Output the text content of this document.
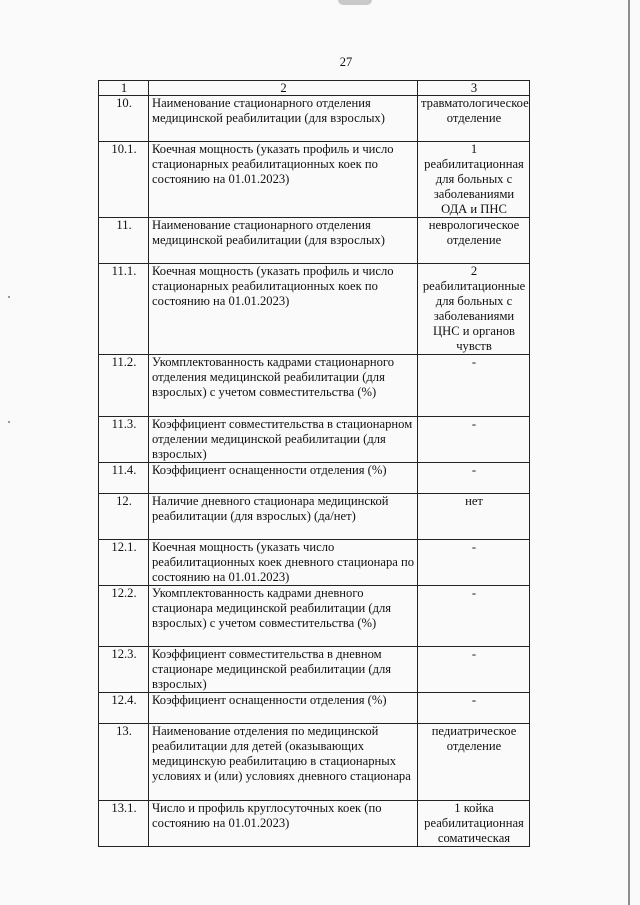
27
1	2	3
10.	Наименование стационарного отделения медицинской реабилитации (для взрослых)	травматологическое отделение
10.1.	Коечная мощность (указать профиль и число стационарных реабилитационных коек по состоянию на 01.01.2023)	1 реабилитационная для больных с заболеваниями ОДА и ПНС
11.	Наименование стационарного отделения медицинской реабилитации (для взрослых)	неврологическое отделение
11.1.	Коечная мощность (указать профиль и число стационарных реабилитационных коек по состоянию на 01.01.2023)	2 реабилитационные для больных с заболеваниями ЦНС и органов чувств
11.2.	Укомплектованность кадрами стационарного отделения медицинской реабилитации (для взрослых) с учетом совместительства (%)	-
11.3.	Коэффициент совместительства в стационарном отделении медицинской реабилитации (для взрослых)	-
11.4.	Коэффициент оснащенности отделения (%)	-
12.	Наличие дневного стационара медицинской реабилитации (для взрослых) (да/нет)	нет
12.1.	Коечная мощность (указать число реабилитационных коек дневного стационара по состоянию на 01.01.2023)	-
12.2.	Укомплектованность кадрами дневного стационара медицинской реабилитации (для взрослых) с учетом совместительства (%)	-
12.3.	Коэффициент совместительства в дневном стационаре медицинской реабилитации (для взрослых)	-
12.4.	Коэффициент оснащенности отделения (%)	-
13.	Наименование отделения по медицинской реабилитации для детей (оказывающих медицинскую реабилитацию в стационарных условиях и (или) условиях дневного стационара	педиатрическое отделение
13.1.	Число и профиль круглосуточных коек (по состоянию на 01.01.2023)	1 койка реабилитационная соматическая
